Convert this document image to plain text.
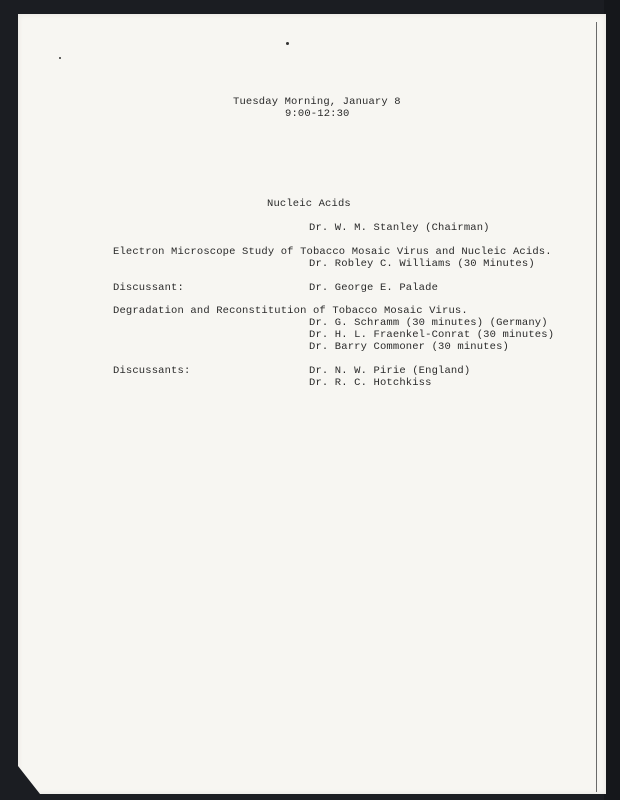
Tuesday Morning, January 8

9:00-12:30

Nucleic Acids

Dr. W. M. Stanley (Chairman)

Electron Microscope Study of Tobacco Mosaic Virus and Nucleic Acids.

Dr. Robley C. Williams (30 Minutes)

Discussant:	Dr. George E. Palade

Degradation and Reconstitution of Tobacco Mosaic Virus.

Dr. G. Schramm (30 minutes) (Germany)

Dr. H. L. Fraenkel-Conrat (30 minutes)

Dr. Barry Commoner (30 minutes)

Discussants:	Dr. N. W. Pirie (England)

Dr. R. C. Hotchkiss
